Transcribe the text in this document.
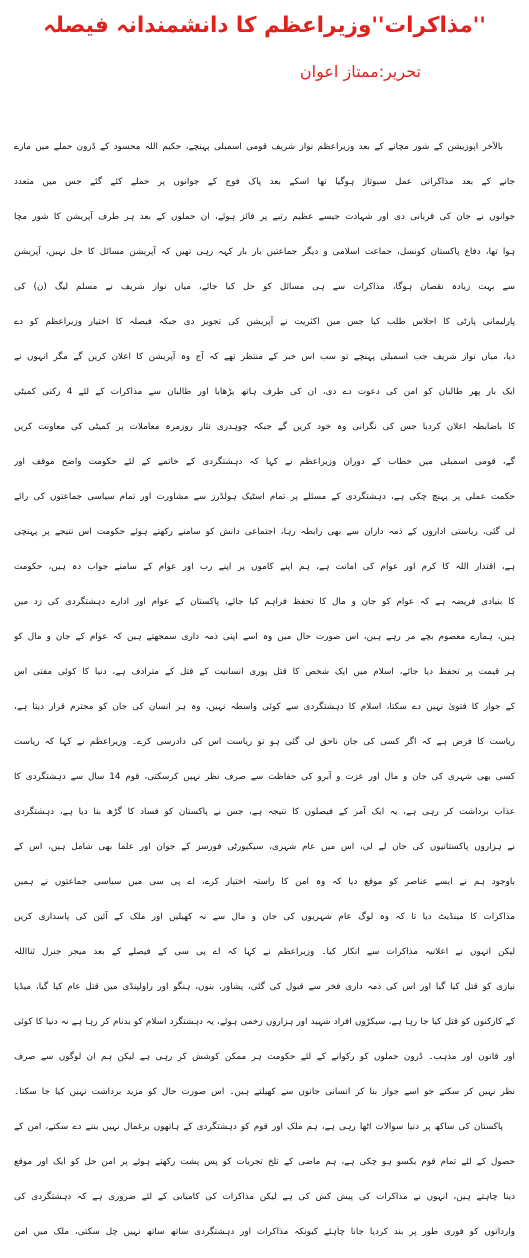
''مذاکرات''وزیراعظم کا دانشمندانہ فیصلہ
تحریر:ممتاز اعوان
بالآخر اپوزیشن کے شور مچانے کے بعد وزیراعظم نواز شریف قومی اسمبلی پہنچے، حکیم اللہ محسود کے ڈرون حملے میں مارے
جانے کے بعد مذاکراتی عمل سبوتاژ ہوگیا تھا اسکے بعد پاک فوج کے جوانوں پر حملے کئے گئے جس میں متعدد
جوانوں نے جان کی قربانی دی اور شہادت جیسے عظیم رتبے پر فائز ہوئے، ان حملوں کے بعد ہر طرف آپریشن کا شور مچا
ہوا تھا، دفاع پاکستان کونسل، جماعت اسلامی و دیگر جماعتیں بار بار کہہ رہی تھیں کہ آپریشن مسائل کا حل نہیں، آپریشن
سے بہت زیادہ نقصان ہوگا، مذاکرات سے ہی مسائل کو حل کیا جائے، میاں نواز شریف نے مسلم لیگ (ن) کی
پارلیمانی پارٹی کا اجلاس طلب کیا جس میں اکثریت نے آپریشن کی تجویز دی جبکہ فیصلہ کا اختیار وزیراعظم کو دے
دیا، میاں نواز شریف جب اسمبلی پہنچے تو سب اس خبر کے منتظر تھے کہ آج وہ آپریشن کا اعلان کریں گے مگر انہوں نے
ایک بار پھر طالبان کو امن کی دعوت دے دی، ان کی طرف ہاتھ بڑھایا اور طالبان سے مذاکرات کے لئے 4 رکنی کمیٹی
کا باضابطہ اعلان کردیا جس کی نگرانی وہ خود کریں گے جبکہ چوہدری نثار روزمرہ معاملات پر کمیٹی کی معاونت کریں
گے، قومی اسمبلی میں خطاب کے دوران وزیراعظم نے کہا کہ دہشتگردی کے خاتمے کے لئے حکومت واضح موقف اور
حکمت عملی پر پہنچ چکی ہے، دہشتگردی کے مسئلے پر تمام اسٹیک ہولڈرز سے مشاورت اور تمام سیاسی جماعتوں کی رائے
لی گئی، ریاستی اداروں کے ذمہ داران سے بھی رابطہ رہا، اجتماعی دانش کو سامنے رکھتے ہوئے حکومت اس نتیجے پر پہنچی
ہے، اقتدار اللہ کا کرم اور عوام کی امانت ہے، ہم اپنے کاموں پر اپنے رب اور عوام کے سامنے جواب دہ ہیں، حکومت
کا بنیادی فریضہ ہے کہ عوام کو جان و مال کا تحفظ فراہم کیا جائے، پاکستان کے عوام اور ادارے دہشتگردی کی زد میں
ہیں، ہمارے معصوم بچے مر رہے ہیں، اس صورت حال میں وہ اسے اپنی ذمہ داری سمجھتے ہیں کہ عوام کے جان و مال کو
ہر قیمت پر تحفظ دیا جائے، اسلام میں ایک شخص کا قتل پوری انسانیت کے قتل کے مترادف ہے، دنیا کا کوئی مفتی اس
کے جواز کا فتویٰ نہیں دے سکتا، اسلام کا دہشتگردی سے کوئی واسطہ نہیں، وہ ہر انسان کی جان کو محترم قرار دیتا ہے،
ریاست کا فرض ہے کہ اگر کسی کی جان ناحق لی گئی ہو تو ریاست اس کی دادرسی کرے۔ وزیراعظم نے کہا کہ ریاست
کسی بھی شہری کی جان و مال اور عزت و آبرو کی حفاظت سے صرف نظر نہیں کرسکتی، قوم 14 سال سے دہشتگردی کا
عذاب برداشت کر رہی ہے، یہ ایک آمر کے فیصلوں کا نتیجہ ہے، جس نے پاکستان کو فساد کا گڑھ بنا دیا ہے، دہشتگردی
نے ہزاروں پاکستانیوں کی جان لے لی، اس میں عام شہری، سیکیورٹی فورسز کے جوان اور علما بھی شامل ہیں، اس کے
باوجود ہم نے ایسے عناصر کو موقع دیا کہ وہ امن کا راستہ اختیار کرے، اے پی سی میں سیاسی جماعتوں نے ہمیں
مذاکرات کا مینڈیٹ دیا تا کہ وہ لوگ عام شہریوں کی جان و مال سے نہ کھیلیں اور ملک کے آئین کی پاسداری کریں
لیکن انہوں نے اعلانیہ مذاکرات سے انکار کیا۔ وزیراعظم نے کہا کہ اے پی سی کے فیصلے کے بعد میجر جنرل ثنااللہ
نیازی کو قتل کیا گیا اور اس کی ذمہ داری فخر سے قبول کی گئی، پشاور، بنوں، ہنگو اور راولپنڈی میں قتل عام کیا گیا، میڈیا
کے کارکنوں کو قتل کیا جا رہا ہے، سیکڑوں افراد شہید اور ہزاروں زخمی ہوئے، یہ دہشتگرد اسلام کو بدنام کر رہا ہے نہ دنیا کا کوئی
اور قانون اور مذہب۔ ڈرون حملوں کو رکوانے کے لئے حکومت ہر ممکن کوشش کر رہی ہے لیکن ہم ان لوگوں سے صرف
نظر نہیں کر سکتے جو اسے جواز بنا کر انسانی جانوں سے کھیلتے ہیں۔ اس صورت حال کو مزید برداشت نہیں کیا جا سکتا۔
پاکستان کی ساکھ پر دنیا سوالات اٹھا رہی ہے، ہم ملک اور قوم کو دہشتگردی کے ہاتھوں یرغمال نہیں بننے دے سکتے، امن کے
حصول کے لئے تمام قوم یکسو ہو چکی ہے، ہم ماضی کے تلخ تجربات کو پس پشت رکھتے ہوئے پر امن حل کو ایک اور موقع
دینا چاہتے ہیں، انہوں نے مذاکرات کی پیش کش کی ہے لیکن مذاکرات کی کامیابی کے لئے ضروری ہے کہ دہشتگردی کی
وارداتوں کو فوری طور پر بند کردیا جانا چاہئے کیونکہ مذاکرات اور دہشتگردی ساتھ ساتھ نہیں چل سکتی، ملک میں امن
